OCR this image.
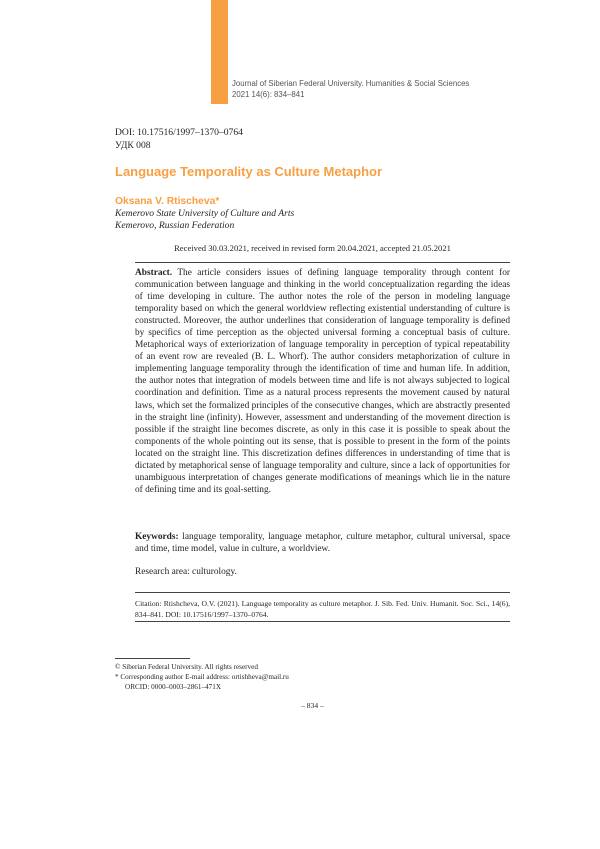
Journal of Siberian Federal University. Humanities & Social Sciences
2021 14(6): 834–841
DOI: 10.17516/1997–1370–0764
УДК 008
Language Temporality as Culture Metaphor
Oksana V. Rtischeva*
Kemerovo State University of Culture and Arts
Kemerovo, Russian Federation
Received 30.03.2021, received in revised form 20.04.2021, accepted 21.05.2021

Abstract. The article considers issues of defining language temporality through content for communication between language and thinking in the world conceptualization regarding the ideas of time developing in culture. The author notes the role of the person in modeling language temporality based on which the general worldview reflecting existential understanding of culture is constructed. Moreover, the author underlines that consideration of language temporality is defined by specifics of time perception as the objected universal forming a conceptual basis of culture. Metaphorical ways of exteriorization of language temporality in perception of typical repeatability of an event row are revealed (B. L. Whorf). The author considers metaphorization of culture in implementing language temporality through the identification of time and human life. In addition, the author notes that integration of models between time and life is not always subjected to logical coordination and definition. Time as a natural process represents the movement caused by natural laws, which set the formalized principles of the consecutive changes, which are abstractly presented in the straight line (infinity). However, assessment and understanding of the movement direction is possible if the straight line becomes discrete, as only in this case it is possible to speak about the components of the whole pointing out its sense, that is possible to present in the form of the points located on the straight line. This discretization defines differences in understanding of time that is dictated by metaphorical sense of language temporality and culture, since a lack of opportunities for unambiguous interpretation of changes generate modifications of meanings which lie in the nature of defining time and its goal-setting.

Keywords: language temporality, language metaphor, culture metaphor, cultural universal, space and time, time model, value in culture, a worldview.

Research area: culturology.

Citation: Rtishcheva, O.V. (2021). Language temporality as culture metaphor. J. Sib. Fed. Univ. Humanit. Soc. Sci., 14(6), 834–841. DOI: 10.17516/1997–1370–0764.

© Siberian Federal University. All rights reserved
* Corresponding author E-mail address: ortishheva@mail.ru
ORCID: 0000–0003–2861–471X
– 834 –
